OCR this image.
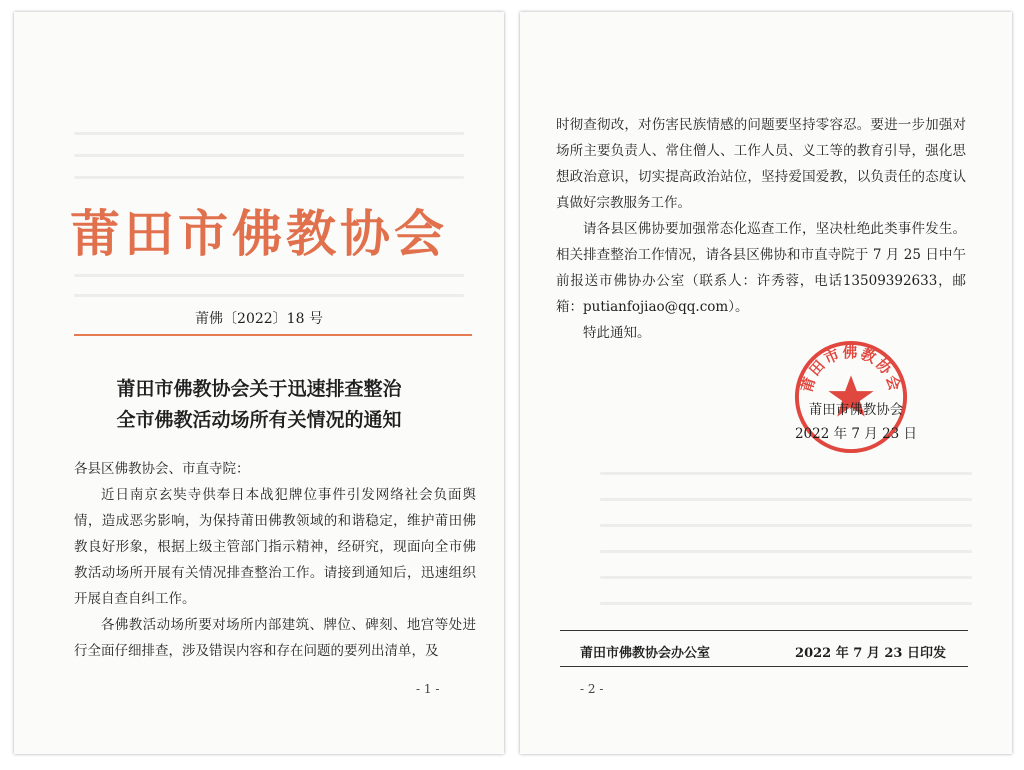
莆田市佛教协会
莆佛〔2022〕18 号
莆田市佛教协会关于迅速排查整治
全市佛教活动场所有关情况的通知

各县区佛教协会、市直寺院：

近日南京玄奘寺供奉日本战犯牌位事件引发网络社会负面舆情，造成恶劣影响，为保持莆田佛教领域的和谐稳定，维护莆田佛教良好形象，根据上级主管部门指示精神，经研究，现面向全市佛教活动场所开展有关情况排查整治工作。请接到通知后，迅速组织开展自查自纠工作。

各佛教活动场所要对场所内部建筑、牌位、碑刻、地宫等处进行全面仔细排查，涉及错误内容和存在问题的要列出清单，及

- 1 -

时彻查彻改，对伤害民族情感的问题要坚持零容忍。要进一步加强对场所主要负责人、常住僧人、工作人员、义工等的教育引导，强化思想政治意识，切实提高政治站位，坚持爱国爱教，以负责任的态度认真做好宗教服务工作。

请各县区佛协要加强常态化巡查工作，坚决杜绝此类事件发生。相关排查整治工作情况，请各县区佛协和市直寺院于 7 月 25 日中午前报送市佛协办公室（联系人：许秀蓉，电话13509392633，邮箱：putianfojiao@qq.com）。

特此通知。

莆田市佛教协会
莆田市佛教协会
2022 年 7 月 23 日
莆田市佛教协会办公室	2022 年 7 月 23 日印发
- 2 -
